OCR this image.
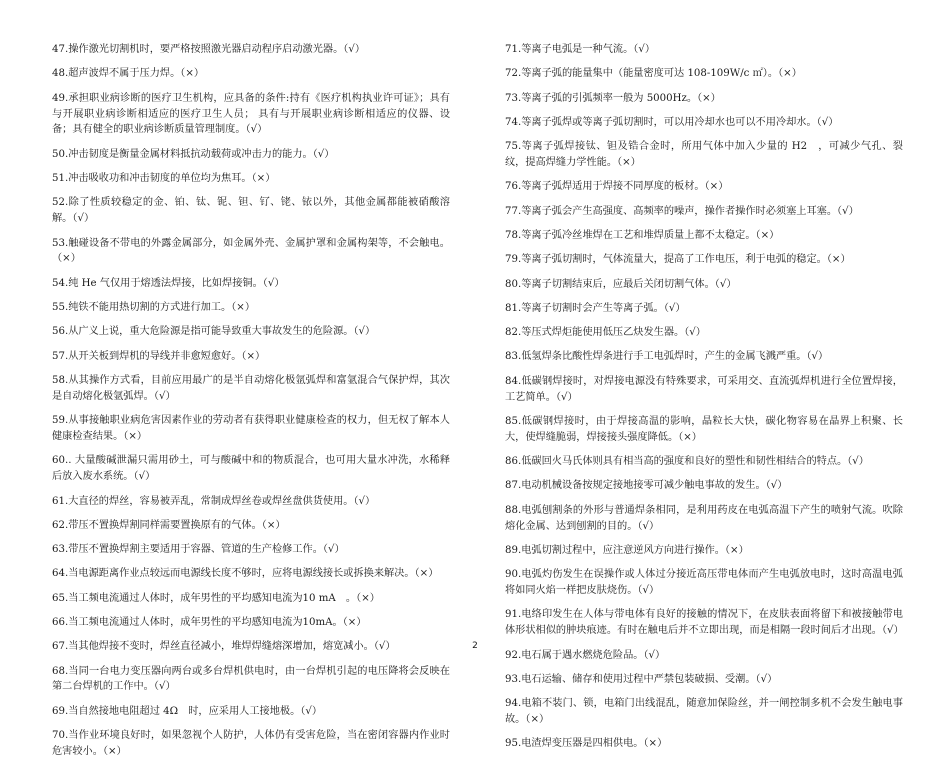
47.操作激光切割机时，要严格按照激光器启动程序启动激光器。（√）
48.超声波焊不属于压力焊。（×）
49.承担职业病诊断的医疗卫生机构，应具备的条件:持有《医疗机构执业许可证》；具有与开展职业病诊断相适应的医疗卫生人员； 具有与开展职业病诊断相适应的仪器、设备；具有健全的职业病诊断质量管理制度。（√）
50.冲击韧度是衡量金属材料抵抗动载荷或冲击力的能力。（√）
51.冲击吸收功和冲击韧度的单位均为焦耳。（×）
52.除了性质较稳定的金、铂、钛、铌、钽、钌、铑、铱以外，其他金属都能被硝酸溶解。（√）
53.触碰设备不带电的外露金属部分，如金属外壳、金属护罩和金属构架等，不会触电。（×）
54.纯 He 气仅用于熔透法焊接，比如焊接铜。（√）
55.纯铁不能用热切割的方式进行加工。（×）
56.从广义上说，重大危险源是指可能导致重大事故发生的危险源。（√）
57.从开关板到焊机的导线并非愈短愈好。（×）
58.从其操作方式看，目前应用最广的是半自动熔化极氩弧焊和富氩混合气保护焊，其次是自动熔化极氩弧焊。（√）
59.从事接触职业病危害因素作业的劳动者有获得职业健康检查的权力，但无权了解本人健康检查结果。（×）
60.. 大量酸碱泄漏只需用砂土，可与酸碱中和的物质混合，也可用大量水冲洗，水稀释后放入废水系统。（√）
61.大直径的焊丝，容易被弄乱，常制成焊丝卷或焊丝盘供货使用。（√）
62.带压不置换焊割同样需要置换原有的气体。（×）
63.带压不置换焊割主要适用于容器、管道的生产检修工作。（√）
64.当电源距离作业点较远而电源线长度不够时，应将电源线接长或拆换来解决。（×）
65.当工频电流通过人体时，成年男性的平均感知电流为10 mA　。（×）
66.当工频电流通过人体时，成年男性的平均感知电流为10mA。（×）
67.当其他焊接不变时，焊丝直径减小，堆焊焊缝熔深增加，熔宽减小。（√）
68.当同一台电力变压器向两台或多台焊机供电时，由一台焊机引起的电压降将会反映在第二台焊机的工作中。（√）
69.当自然接地电阻超过 4Ω　时，应采用人工接地极。（√）
70.当作业环境良好时，如果忽视个人防护，人体仍有受害危险，当在密闭容器内作业时危害较小。（×）
71.等离子电弧是一种气流。（√）
72.等离子弧的能量集中（能量密度可达 108-109W/c ㎡）。（×）
73.等离子弧的引弧频率一般为 5000Hz。（×）
74.等离子弧焊或等离子弧切割时，可以用冷却水也可以不用冷却水。（√）
75.等离子弧焊接钛、钽及锆合金时，所用气体中加入少量的 H2　，可减少气孔、裂纹，提高焊缝力学性能。（×）
76.等离子弧焊适用于焊接不同厚度的板材。（×）
77.等离子弧会产生高强度、高频率的噪声，操作者操作时必须塞上耳塞。（√）
78.等离子弧冷丝堆焊在工艺和堆焊质量上都不太稳定。（×）
79.等离子弧切割时，气体流量大，提高了工作电压，利于电弧的稳定。（×）
80.等离子切割结束后，应最后关闭切割气体。（√）
81.等离子切割时会产生等离子弧。（√）
82.等压式焊炬能使用低压乙炔发生器。（√）
83.低氢焊条比酸性焊条进行手工电弧焊时，产生的金属飞溅严重。（√）
84.低碳钢焊接时，对焊接电源没有特殊要求，可采用交、直流弧焊机进行全位置焊接，工艺简单。（√）
85.低碳钢焊接时，由于焊接高温的影响，晶粒长大快，碳化物容易在晶界上积聚、长大，使焊缝脆弱，焊接接头强度降低。（×）
86.低碳回火马氏体则具有相当高的强度和良好的塑性和韧性相结合的特点。（√）
87.电动机械设备按规定接地接零可减少触电事故的发生。（√）
88.电弧刨割条的外形与普通焊条相同，是利用药皮在电弧高温下产生的喷射气流。吹除熔化金属、达到刨割的目的。（√）
89.电弧切割过程中，应注意逆风方向进行操作。（×）
90.电弧灼伤发生在误操作或人体过分接近高压带电体而产生电弧放电时，这时高温电弧将如同火焰一样把皮肤烧伤。（√）
91.电络印发生在人体与带电体有良好的接触的情况下，在皮肤表面将留下和被接触带电体形状相似的肿块痕迹。有时在触电后并不立即出现，而是相隔一段时间后才出现。（√）
92.电石属于遇水燃烧危险品。（√）
93.电石运输、储存和使用过程中严禁包装破损、受潮。（√）
94.电箱不装门、锁，电箱门出线混乱，随意加保险丝，并一闸控制多机不会发生触电事故。（×）
95.电渣焊变压器是四相供电。（×）
2
